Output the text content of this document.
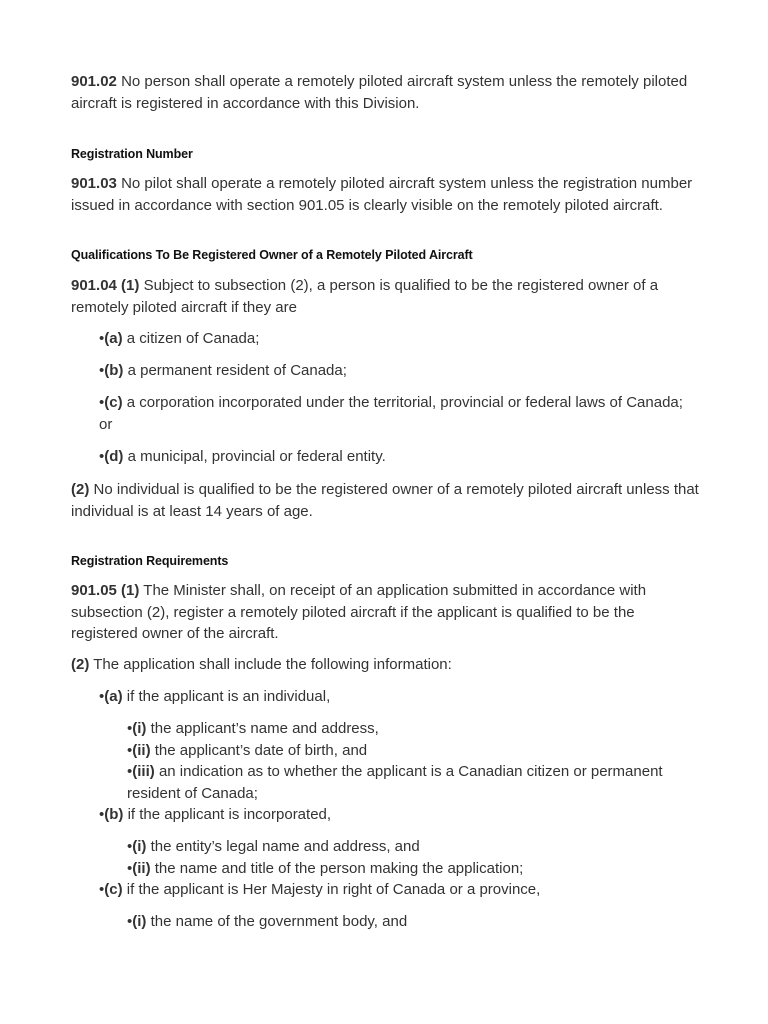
901.02 No person shall operate a remotely piloted aircraft system unless the remotely piloted aircraft is registered in accordance with this Division.

Registration Number

901.03 No pilot shall operate a remotely piloted aircraft system unless the registration number issued in accordance with section 901.05 is clearly visible on the remotely piloted aircraft.

Qualifications To Be Registered Owner of a Remotely Piloted Aircraft

901.04 (1) Subject to subsection (2), a person is qualified to be the registered owner of a remotely piloted aircraft if they are

•(a) a citizen of Canada;

•(b) a permanent resident of Canada;

•(c) a corporation incorporated under the territorial, provincial or federal laws of Canada; or

•(d) a municipal, provincial or federal entity.

(2) No individual is qualified to be the registered owner of a remotely piloted aircraft unless that individual is at least 14 years of age.

Registration Requirements

901.05 (1) The Minister shall, on receipt of an application submitted in accordance with subsection (2), register a remotely piloted aircraft if the applicant is qualified to be the registered owner of the aircraft.

(2) The application shall include the following information:

•(a) if the applicant is an individual,

•(i) the applicant’s name and address,

•(ii) the applicant’s date of birth, and

•(iii) an indication as to whether the applicant is a Canadian citizen or permanent resident of Canada;

•(b) if the applicant is incorporated,

•(i) the entity’s legal name and address, and

•(ii) the name and title of the person making the application;

•(c) if the applicant is Her Majesty in right of Canada or a province,

•(i) the name of the government body, and
